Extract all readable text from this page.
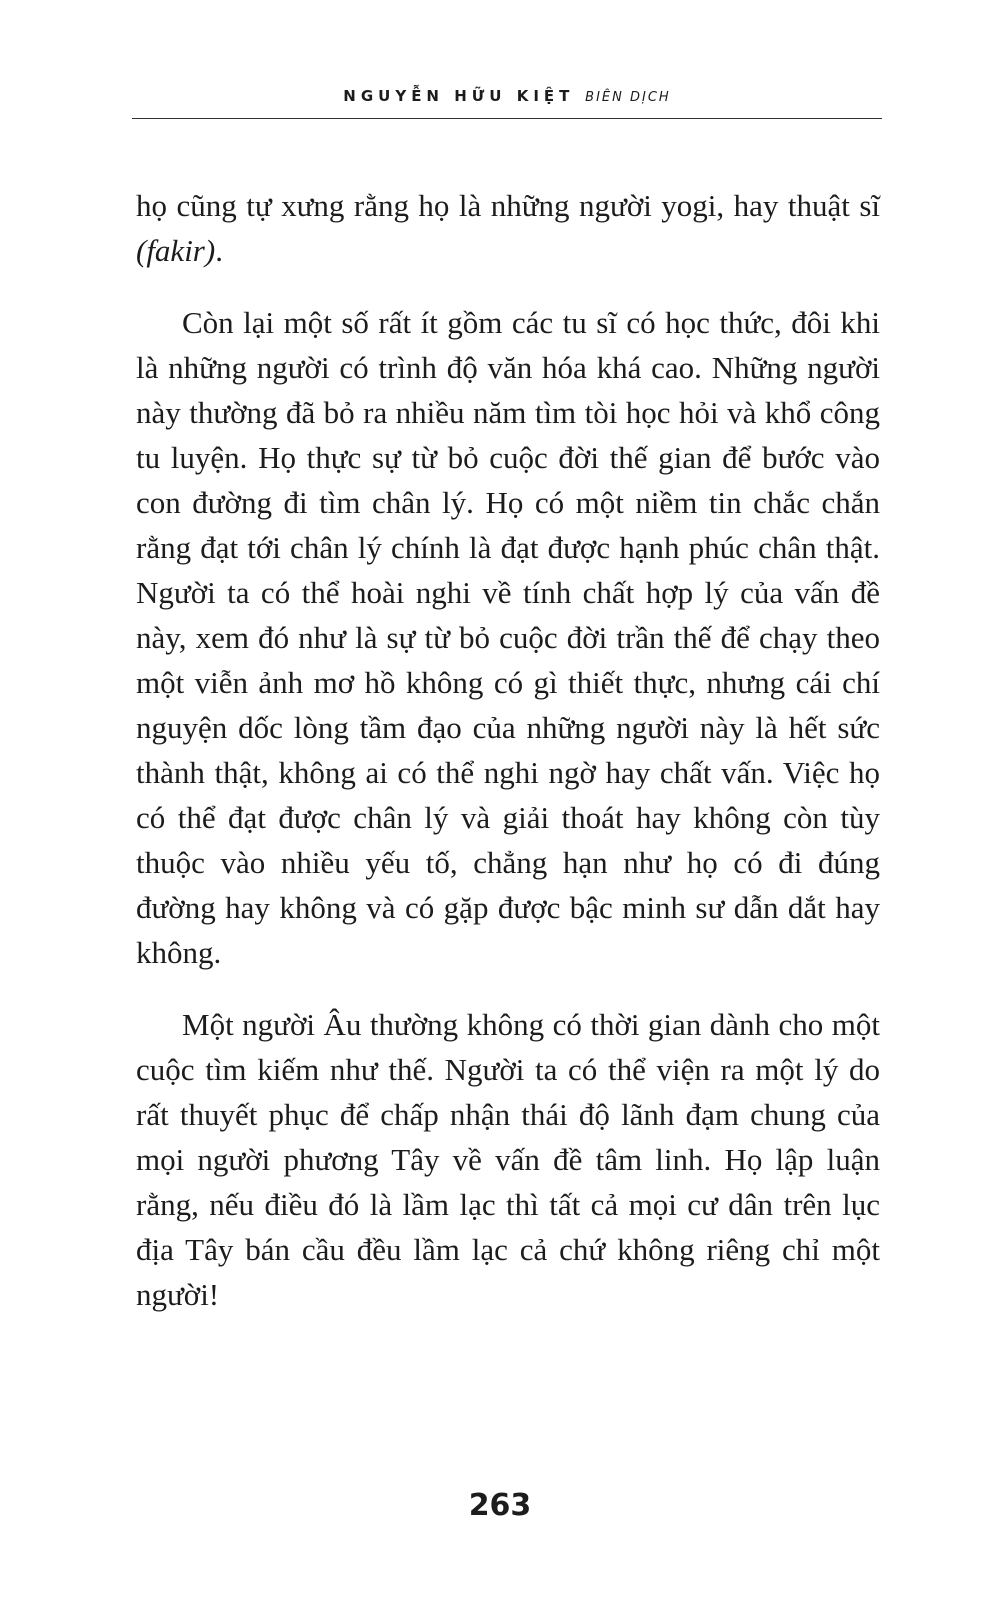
NGUYỄN HỮU KIỆT BIÊN DỊCH

họ cũng tự xưng rằng họ là những người yogi, hay thuật sĩ (fakir).

Còn lại một số rất ít gồm các tu sĩ có học thức, đôi khi là những người có trình độ văn hóa khá cao. Những người này thường đã bỏ ra nhiều năm tìm tòi học hỏi và khổ công tu luyện. Họ thực sự từ bỏ cuộc đời thế gian để bước vào con đường đi tìm chân lý. Họ có một niềm tin chắc chắn rằng đạt tới chân lý chính là đạt được hạnh phúc chân thật. Người ta có thể hoài nghi về tính chất hợp lý của vấn đề này, xem đó như là sự từ bỏ cuộc đời trần thế để chạy theo một viễn ảnh mơ hồ không có gì thiết thực, nhưng cái chí nguyện dốc lòng tầm đạo của những người này là hết sức thành thật, không ai có thể nghi ngờ hay chất vấn. Việc họ có thể đạt được chân lý và giải thoát hay không còn tùy thuộc vào nhiều yếu tố, chẳng hạn như họ có đi đúng đường hay không và có gặp được bậc minh sư dẫn dắt hay không.

Một người Âu thường không có thời gian dành cho một cuộc tìm kiếm như thế. Người ta có thể viện ra một lý do rất thuyết phục để chấp nhận thái độ lãnh đạm chung của mọi người phương Tây về vấn đề tâm linh. Họ lập luận rằng, nếu điều đó là lầm lạc thì tất cả mọi cư dân trên lục địa Tây bán cầu đều lầm lạc cả chứ không riêng chỉ một người!

263
